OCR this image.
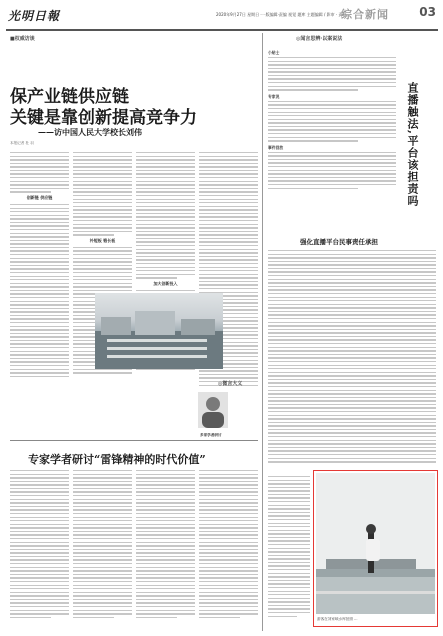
光明日報	2020年9月27日 星期日 ·一版编辑·责编 视觉 题库 主题编辑 / 影审 · 责校
综合新闻	03
■权威访谈
保产业链供应链
关键是靠创新提高竞争力
——访中国人民大学校长刘伟
本报记者 杜 羽
创新链 供应链
补短板 锻长板
加大创新投入
◎微言大义
多家学者研讨
专家学者研讨“雷锋精神的时代价值”
◎闻言思辨·以案说法
直播触法,平台该担责吗
小贴士
专家说
事件回放
强化直播平台民事责任承担
游客在刘家峡水库拍照 ...
